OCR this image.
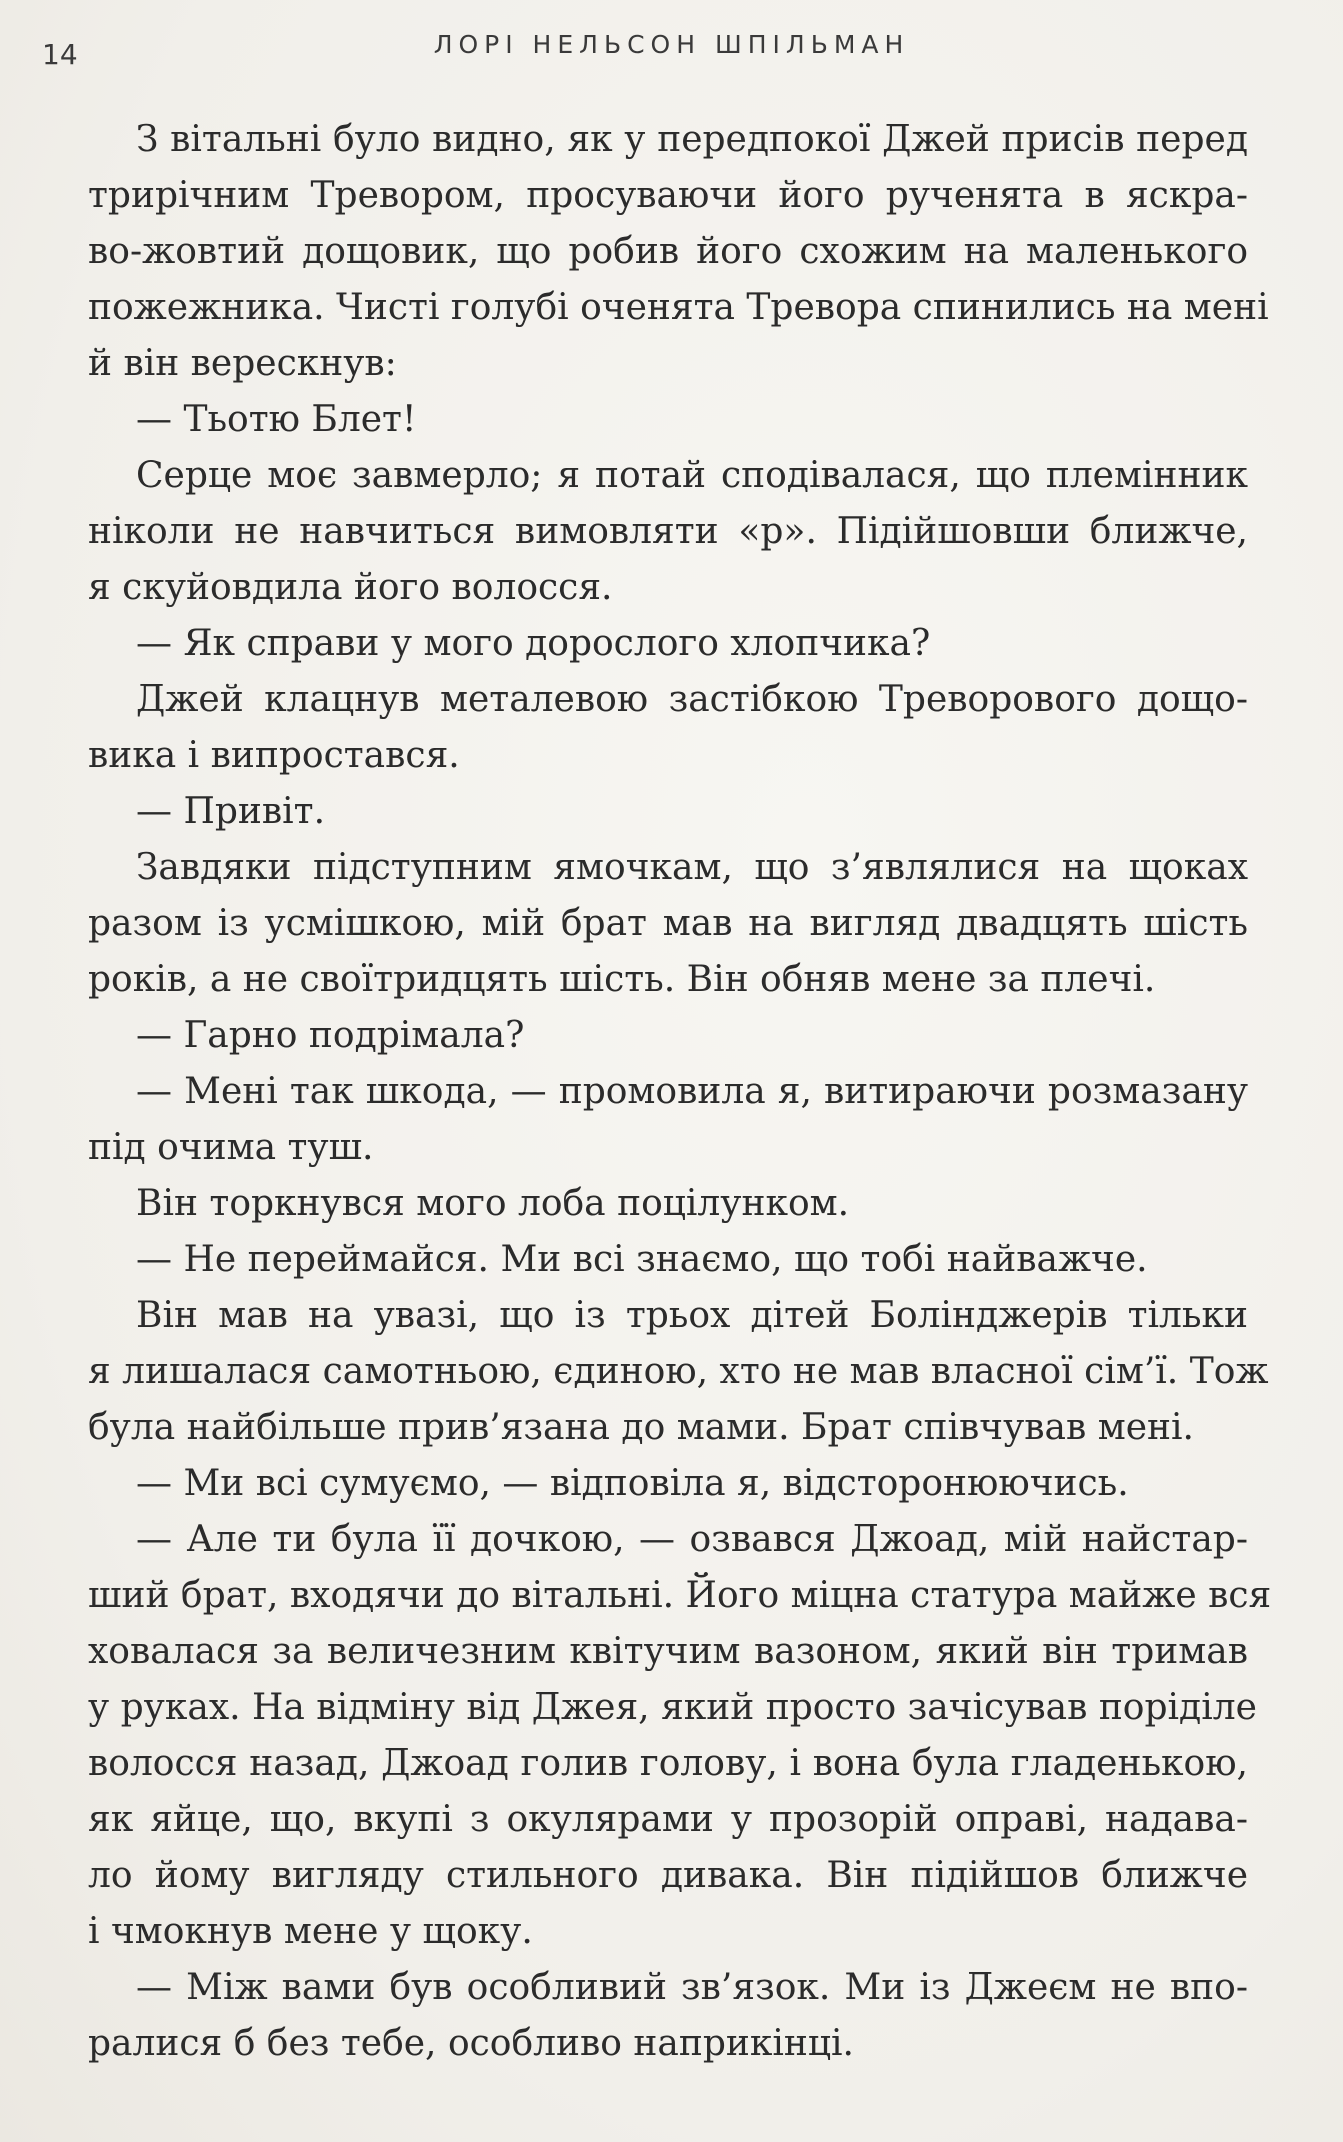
14	ЛОРІ НЕЛЬСОН ШПІЛЬМАН
З вітальні було видно, як у передпокої Джей присів перед
трирічним Тревором, просуваючи його рученята в яскра-
во-жовтий дощовик, що робив його схожим на маленького
пожежника. Чисті голубі оченята Тревора спинились на мені
й він верескнув:
— Тьотю Блет!
Серце моє завмерло; я потай сподівалася, що племінник
ніколи не навчиться вимовляти «р». Підійшовши ближче,
я скуйовдила його волосся.
— Як справи у мого дорослого хлопчика?
Джей клацнув металевою застібкою Треворового дощо-
вика і випростався.
— Привіт.
Завдяки підступним ямочкам, що з’являлися на щоках
разом із усмішкою, мій брат мав на вигляд двадцять шість
років, а не своїтридцять шість. Він обняв мене за плечі.
— Гарно подрімала?
— Мені так шкода, — промовила я, витираючи розмазану
під очима туш.
Він торкнувся мого лоба поцілунком.
— Не переймайся. Ми всі знаємо, що тобі найважче.
Він мав на увазі, що із трьох дітей Болінджерів тільки
я лишалася самотньою, єдиною, хто не мав власної сім’ї. Тож
була найбільше прив’язана до мами. Брат співчував мені.
— Ми всі сумуємо, — відповіла я, відсторонюючись.
— Але ти була її дочкою, — озвався Джоад, мій найстар-
ший брат, входячи до вітальні. Його міцна статура майже вся
ховалася за величезним квітучим вазоном, який він тримав
у руках. На відміну від Джея, який просто зачісував поріділе
волосся назад, Джоад голив голову, і вона була гладенькою,
як яйце, що, вкупі з окулярами у прозорій оправі, надава-
ло йому вигляду стильного дивака. Він підійшов ближче
і чмокнув мене у щоку.
— Між вами був особливий зв’язок. Ми із Джеєм не впо-
ралися б без тебе, особливо наприкінці.
